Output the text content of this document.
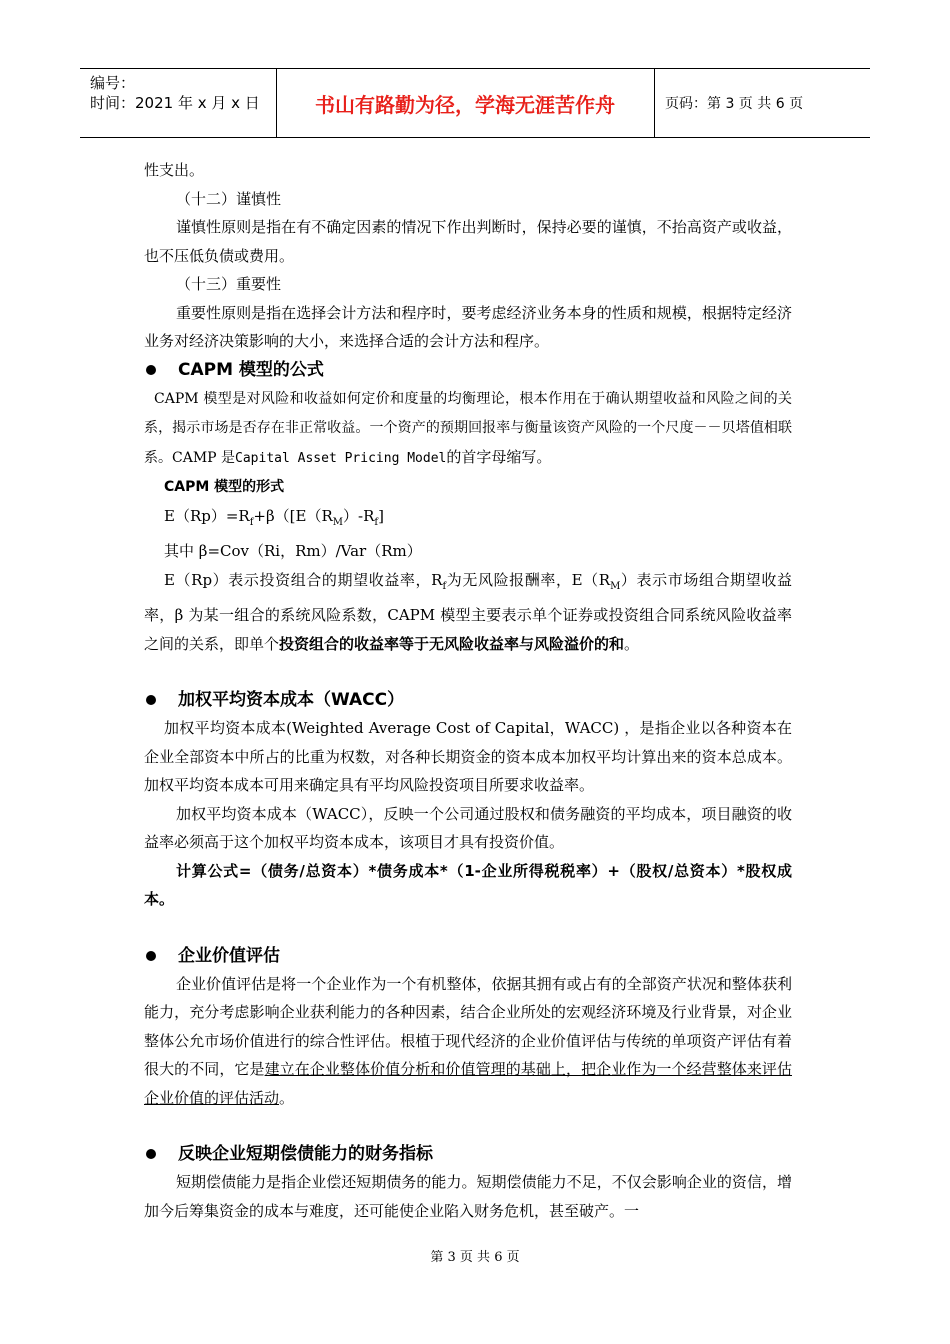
编号：
时间：2021 年 x 月 x 日	书山有路勤为径，学海无涯苦作舟	页码：第 3 页 共 6 页

性支出。

（十二）谨慎性

谨慎性原则是指在有不确定因素的情况下作出判断时，保持必要的谨慎，不抬高资产或收益，也不压低负债或费用。

（十三）重要性

重要性原则是指在选择会计方法和程序时，要考虑经济业务本身的性质和规模，根据特定经济业务对经济决策影响的大小，来选择合适的会计方法和程序。

CAPM 模型的公式

CAPM 模型是对风险和收益如何定价和度量的均衡理论，根本作用在于确认期望收益和风险之间的关系，揭示市场是否存在非正常收益。一个资产的预期回报率与衡量该资产风险的一个尺度－－贝塔值相联系。CAMP 是Capital Asset Pricing Model的首字母缩写。

CAPM 模型的形式

$E(Rp)=R_f+\beta([E(R_M)-R_f]$

其中 β=Cov（Ri，Rm）/Var（Rm）

E（Rp）表示投资组合的期望收益率，$R_f$为无风险报酬率，$E(R_M)$表示市场组合期望收益率，β 为某一组合的系统风险系数，CAPM 模型主要表示单个证券或投资组合同系统风险收益率之间的关系，即单个投资组合的收益率等于无风险收益率与风险溢价的和。

加权平均资本成本（WACC）

加权平均资本成本(Weighted Average Cost of Capital，WACC) ，是指企业以各种资本在企业全部资本中所占的比重为权数，对各种长期资金的资本成本加权平均计算出来的资本总成本。加权平均资本成本可用来确定具有平均风险投资项目所要求收益率。

加权平均资本成本（WACC），反映一个公司通过股权和债务融资的平均成本，项目融资的收益率必须高于这个加权平均资本成本，该项目才具有投资价值。

计算公式=（债务/总资本）*债务成本*（1-企业所得税税率）+（股权/总资本）*股权成本。

企业价值评估

企业价值评估是将一个企业作为一个有机整体，依据其拥有或占有的全部资产状况和整体获利能力，充分考虑影响企业获利能力的各种因素，结合企业所处的宏观经济环境及行业背景，对企业整体公允市场价值进行的综合性评估。根植于现代经济的企业价值评估与传统的单项资产评估有着很大的不同，它是建立在企业整体价值分析和价值管理的基础上，把企业作为一个经营整体来评估企业价值的评估活动。

反映企业短期偿债能力的财务指标

短期偿债能力是指企业偿还短期债务的能力。短期偿债能力不足，不仅会影响企业的资信，增加今后筹集资金的成本与难度，还可能使企业陷入财务危机，甚至破产。一

第 3 页 共 6 页
